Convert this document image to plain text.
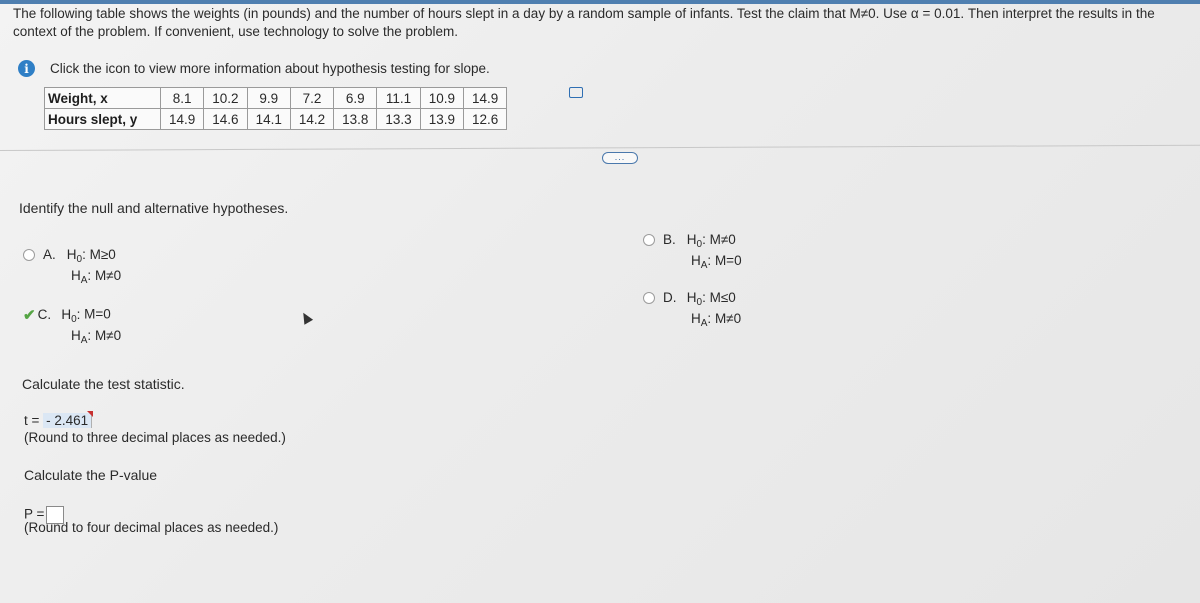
The following table shows the weights (in pounds) and the number of hours slept in a day by a random sample of infants. Test the claim that M≠0. Use α = 0.01. Then interpret the results in the context of the problem. If convenient, use technology to solve the problem.
i	Click the icon to view more information about hypothesis testing for slope.
Weight, x	8.1	10.2	9.9	7.2	6.9	11.1	10.9	14.9
Hours slept, y	14.9	14.6	14.1	14.2	13.8	13.3	13.9	12.6
...
Identify the null and alternative hypotheses.
A. $H_0$: M≥0
$H_A$: M≠0
✔ C. $H_0$: M=0
$H_A$: M≠0
B. $H_0$: M≠0
$H_A$: M=0
D. $H_0$: M≤0
$H_A$: M≠0
Calculate the test statistic.
t = - 2.461
(Round to three decimal places as needed.)
Calculate the P-value
P =
(Round to four decimal places as needed.)
